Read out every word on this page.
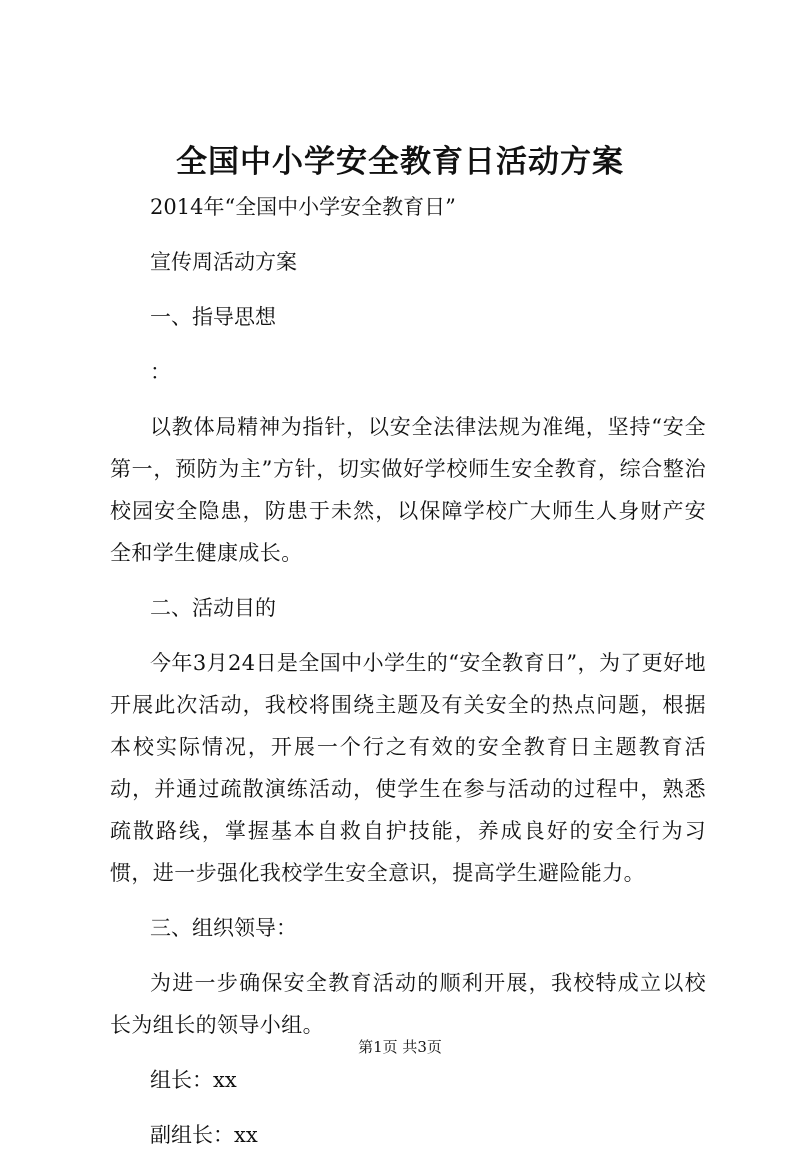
全国中小学安全教育日活动方案

2014年“全国中小学安全教育日”

宣传周活动方案

一、指导思想

：

以教体局精神为指针，以安全法律法规为准绳，坚持“安全第一，预防为主”方针，切实做好学校师生安全教育，综合整治校园安全隐患，防患于未然，以保障学校广大师生人身财产安全和学生健康成长。

二、活动目的

今年3月24日是全国中小学生的“安全教育日”，为了更好地开展此次活动，我校将围绕主题及有关安全的热点问题，根据本校实际情况，开展一个行之有效的安全教育日主题教育活动，并通过疏散演练活动，使学生在参与活动的过程中，熟悉疏散路线，掌握基本自救自护技能，养成良好的安全行为习惯，进一步强化我校学生安全意识，提高学生避险能力。

三、组织领导：

为进一步确保安全教育活动的顺利开展，我校特成立以校长为组长的领导小组。

组长：xx

副组长：xx

第1页 共3页
